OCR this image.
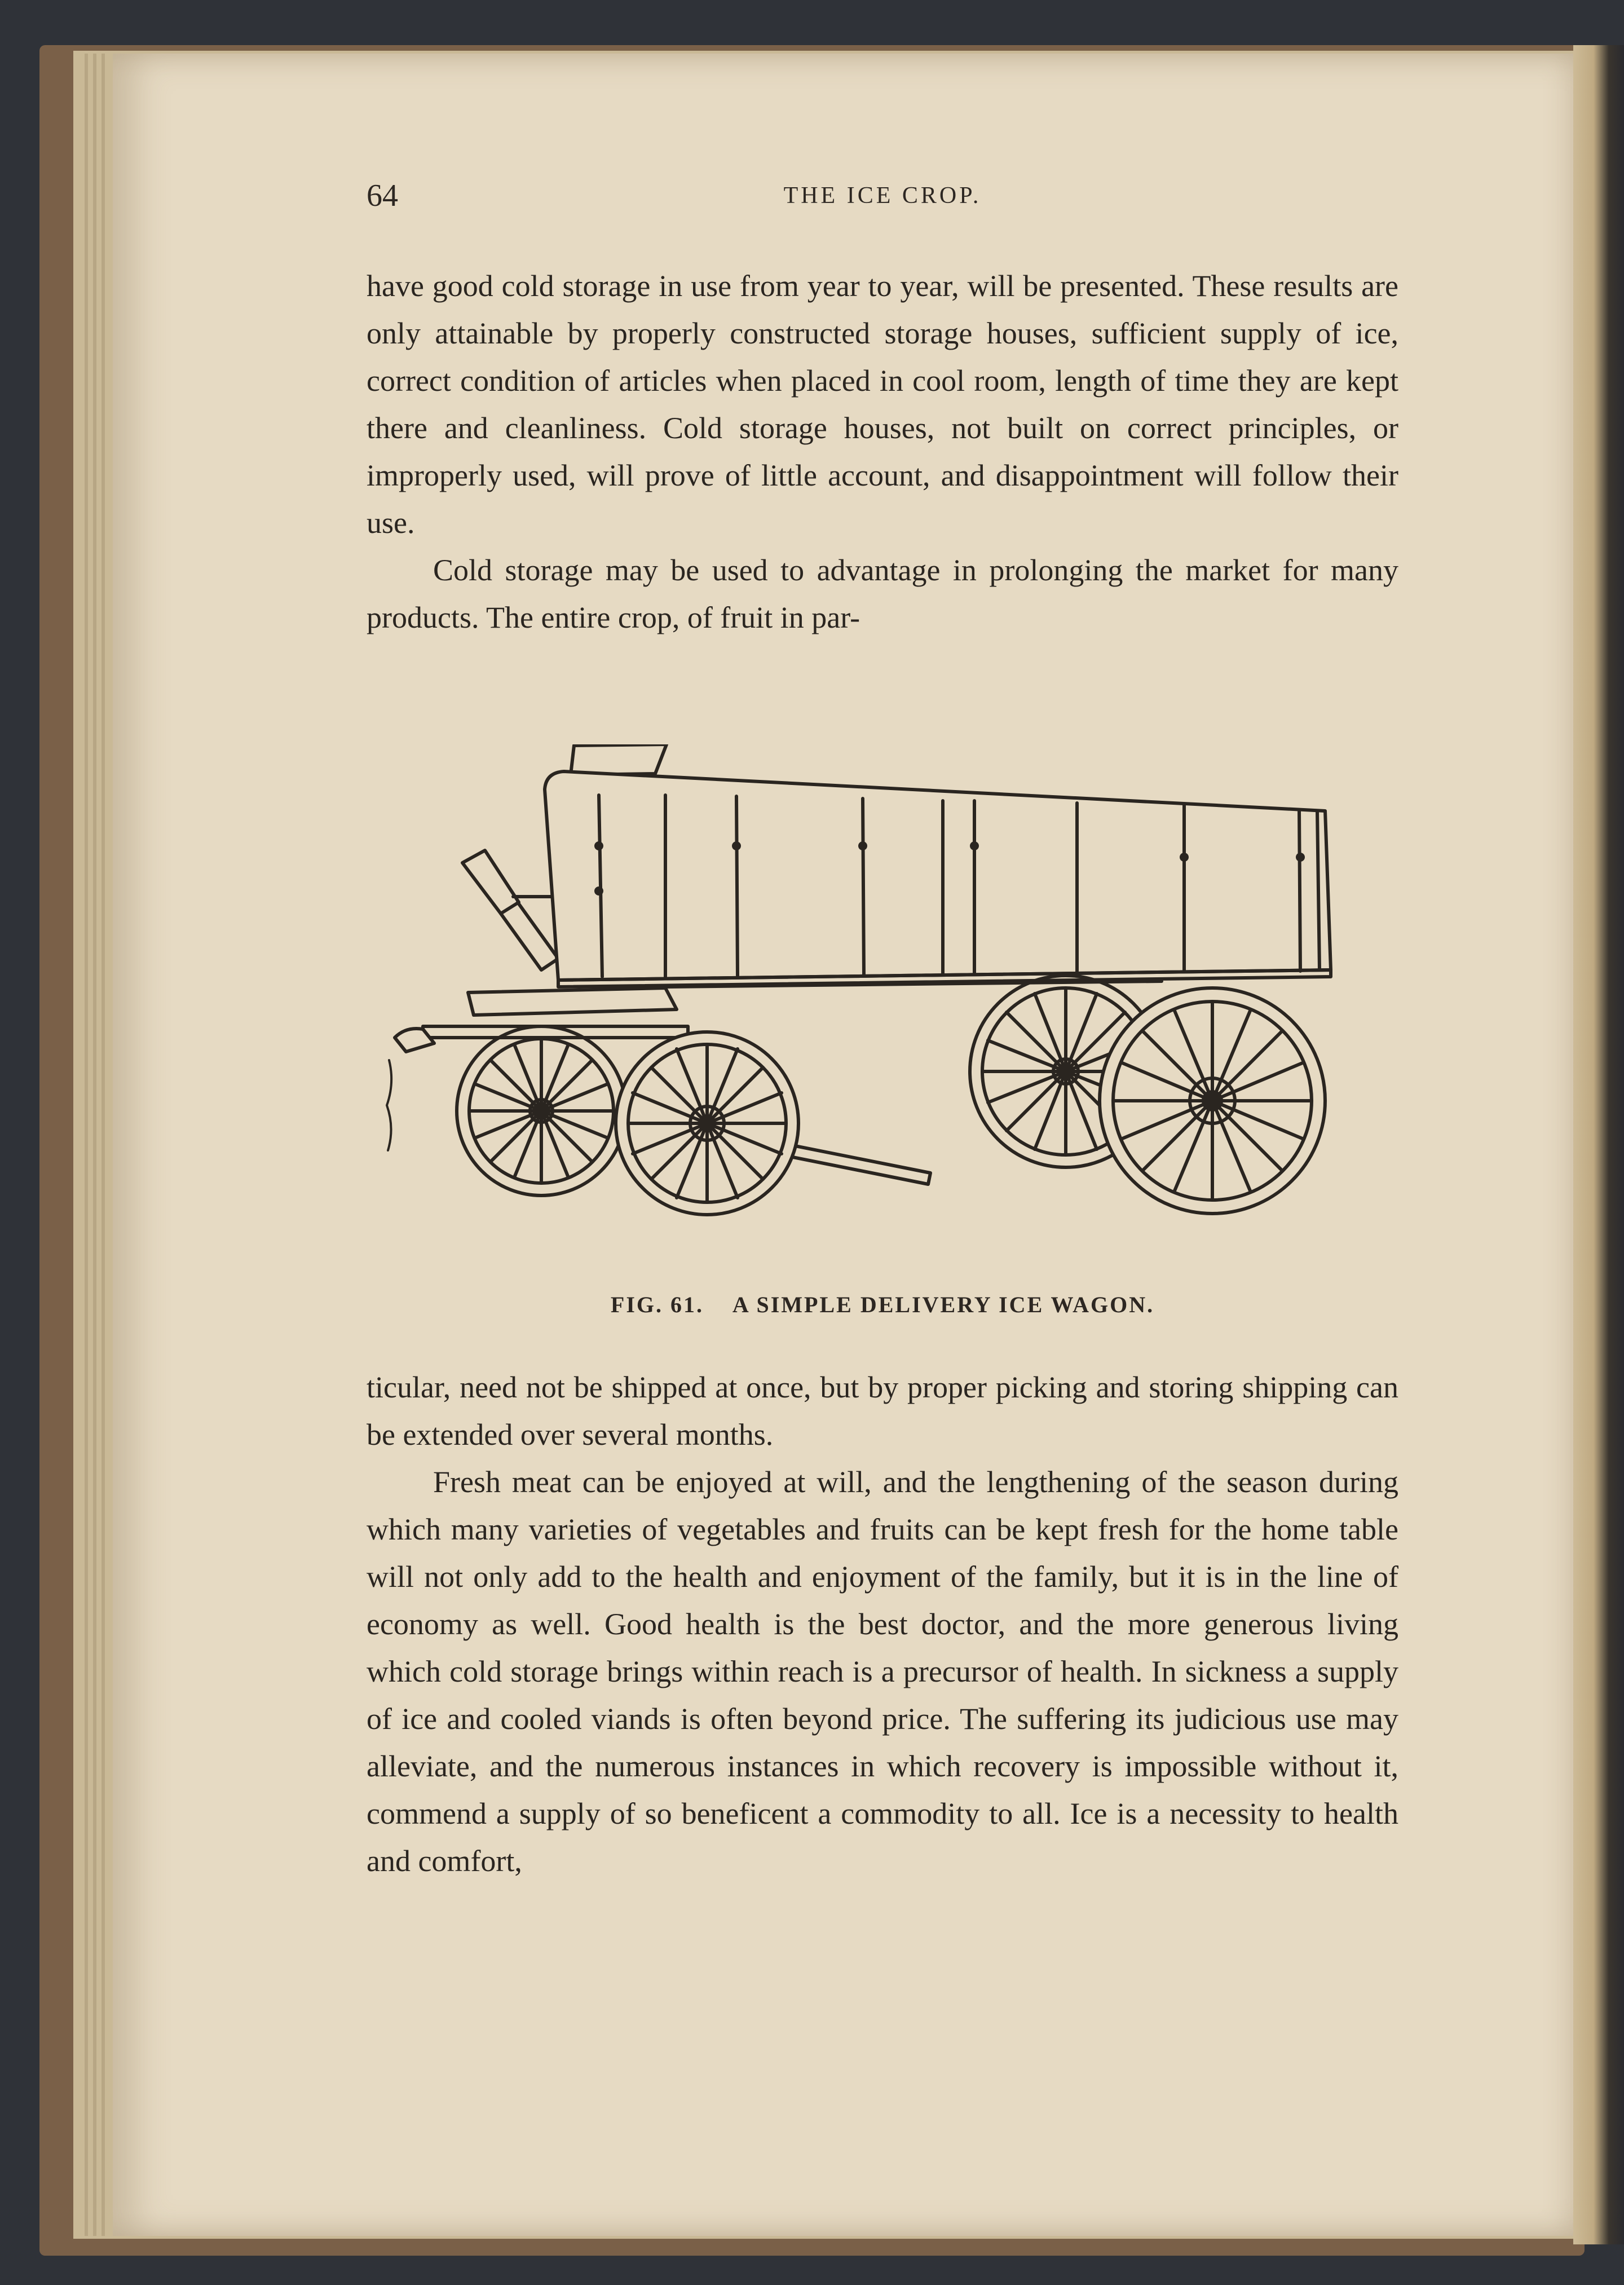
64	THE ICE CROP.

have good cold storage in use from year to year, will be presented. These results are only attainable by properly constructed storage houses, sufficient supply of ice, correct condition of articles when placed in cool room, length of time they are kept there and cleanliness. Cold storage houses, not built on correct principles, or improperly used, will prove of little account, and disappointment will follow their use.

Cold storage may be used to advantage in prolonging the market for many products. The entire crop, of fruit in par-

FIG. 61. A SIMPLE DELIVERY ICE WAGON.

ticular, need not be shipped at once, but by proper picking and storing shipping can be extended over several months.

Fresh meat can be enjoyed at will, and the lengthening of the season during which many varieties of vegetables and fruits can be kept fresh for the home table will not only add to the health and enjoyment of the family, but it is in the line of economy as well. Good health is the best doctor, and the more generous living which cold storage brings within reach is a precursor of health. In sickness a supply of ice and cooled viands is often beyond price. The suffering its judicious use may alleviate, and the numerous instances in which recovery is impossible without it, commend a supply of so beneficent a commodity to all. Ice is a necessity to health and comfort,
